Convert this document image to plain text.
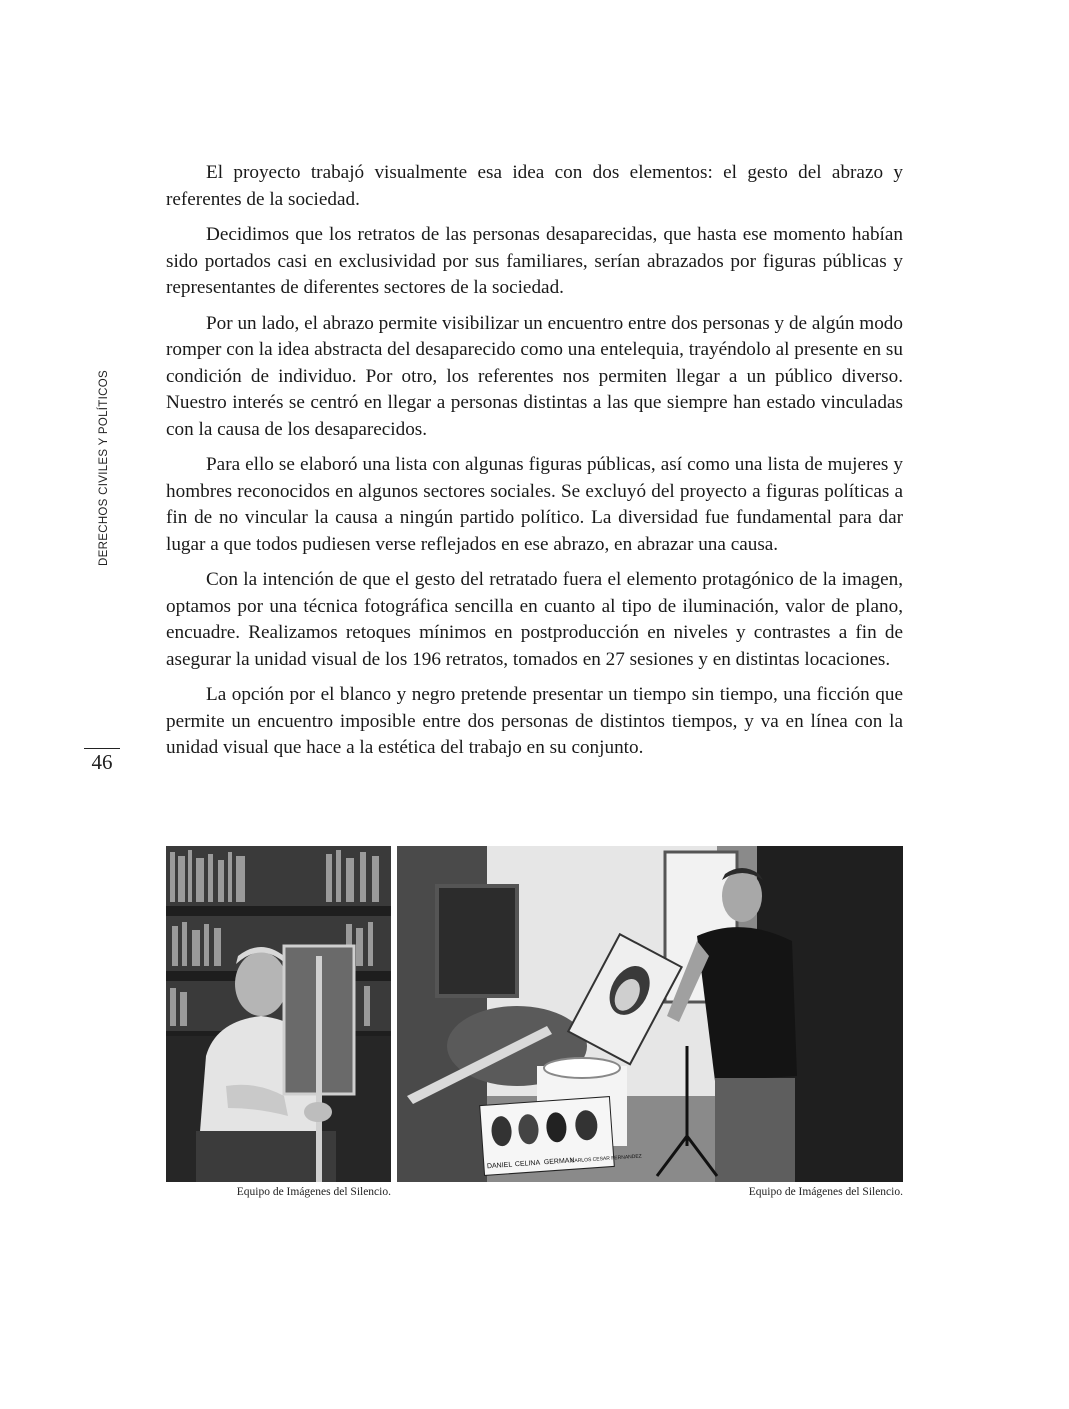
DERECHOS CIVILES Y POLÍTICOS
46

El proyecto trabajó visualmente esa idea con dos elementos: el gesto del abrazo y referentes de la sociedad.

Decidimos que los retratos de las personas desaparecidas, que hasta ese momento habían sido portados casi en exclusividad por sus familiares, serían abrazados por figuras públicas y representantes de diferentes sectores de la sociedad.

Por un lado, el abrazo permite visibilizar un encuentro entre dos personas y de algún modo romper con la idea abstracta del desaparecido como una entelequia, trayéndolo al presente en su condición de individuo. Por otro, los referentes nos permiten llegar a un público diverso. Nuestro interés se centró en llegar a personas distintas a las que siempre han estado vinculadas con la causa de los desaparecidos.

Para ello se elaboró una lista con algunas figuras públicas, así como una lista de mujeres y hombres reconocidos en algunos sectores sociales. Se excluyó del proyecto a figuras políticas a fin de no vincular la causa a ningún partido político. La diversidad fue fundamental para dar lugar a que todos pudiesen verse reflejados en ese abrazo, en abrazar una causa.

Con la intención de que el gesto del retratado fuera el elemento protagónico de la imagen, optamos por una técnica fotográfica sencilla en cuanto al tipo de iluminación, valor de plano, encuadre. Realizamos retoques mínimos en postproducción en niveles y contrastes a fin de asegurar la unidad visual de los 196 retratos, tomados en 27 sesiones y en distintas locaciones.

La opción por el blanco y negro pretende presentar un tiempo sin tiempo, una ficción que permite un encuentro imposible entre dos personas de distintos tiempos, y va en línea con la unidad visual que hace a la estética del trabajo en su conjunto.

DANIEL CELINA GERMAN
CARLOS CESAR FERNANDEZ
Equipo de Imágenes del Silencio.	Equipo de Imágenes del Silencio.
